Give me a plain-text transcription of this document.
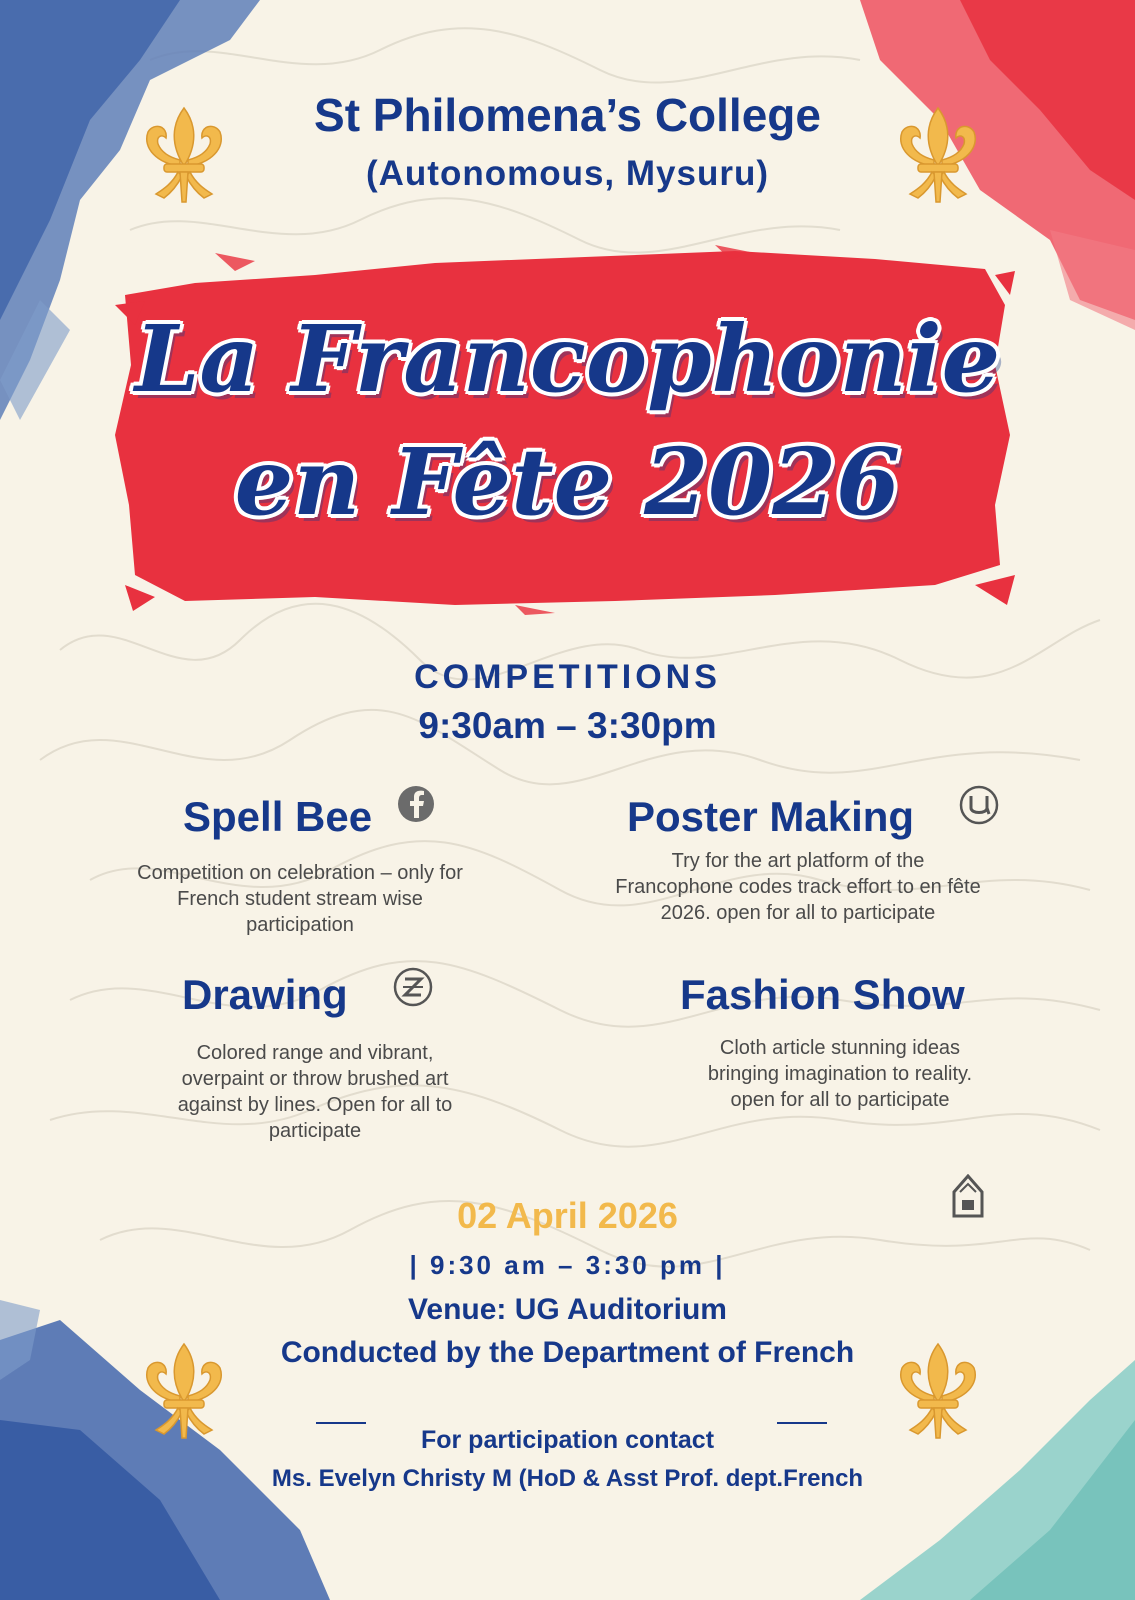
St Philomena’s College
(Autonomous, Mysuru)
La Francophonie
en Fête 2026
COMPETITIONS
9:30am – 3:30pm
Spell Bee
Competition on celebration – only for
French student stream wise
participation
Poster Making
Try for the art platform of the
Francophone codes track effort to en fête
2026. open for all to participate
Drawing
Colored range and vibrant,
overpaint or throw brushed art
against by lines. Open for all to
participate
Fashion Show
Cloth article stunning ideas
bringing imagination to reality.
open for all to participate
02 April 2026
| 9:30 am – 3:30 pm |
Venue: UG Auditorium
Conducted by the Department of French
For participation contact
Ms. Evelyn Christy M (HoD & Asst Prof. dept.French
